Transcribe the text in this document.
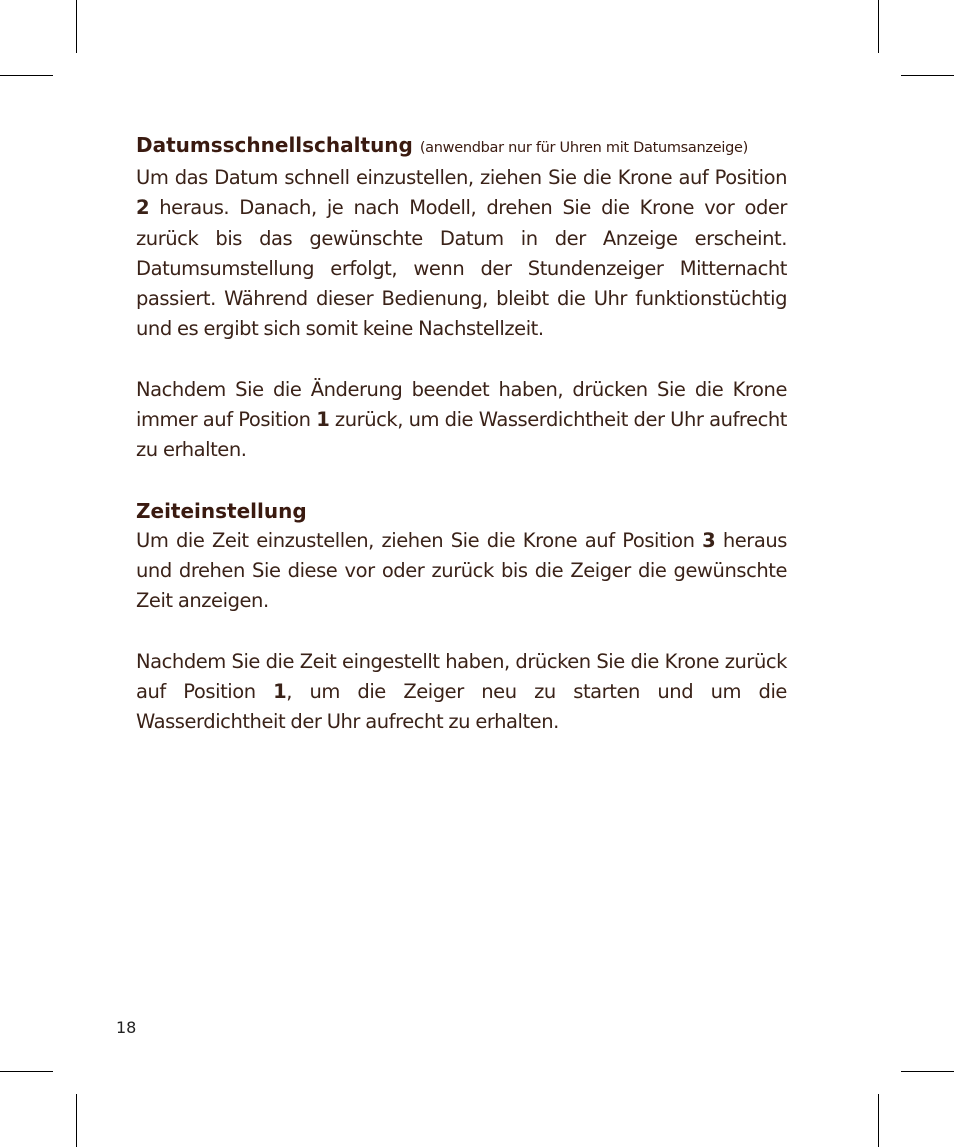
Datumsschnellschaltung (anwendbar nur für Uhren mit Datumsanzeige)

Um das Datum schnell einzustellen, ziehen Sie die Krone auf Position 2 heraus. Danach, je nach Modell, drehen Sie die Krone vor oder zurück bis das gewünschte Datum in der Anzeige erscheint. Datumsumstellung erfolgt, wenn der Stundenzeiger Mitternacht passiert. Während dieser Bedienung, bleibt die Uhr funktionstüchtig und es ergibt sich somit keine Nachstellzeit.

Nachdem Sie die Änderung beendet haben, drücken Sie die Krone immer auf Position 1 zurück, um die Wasserdichtheit der Uhr aufrecht zu erhalten.

Zeiteinstellung

Um die Zeit einzustellen, ziehen Sie die Krone auf Position 3 heraus und drehen Sie diese vor oder zurück bis die Zeiger die gewünschte Zeit anzeigen.

Nachdem Sie die Zeit eingestellt haben, drücken Sie die Krone zurück auf Position 1, um die Zeiger neu zu starten und um die Wasserdichtheit der Uhr aufrecht zu erhalten.

18
